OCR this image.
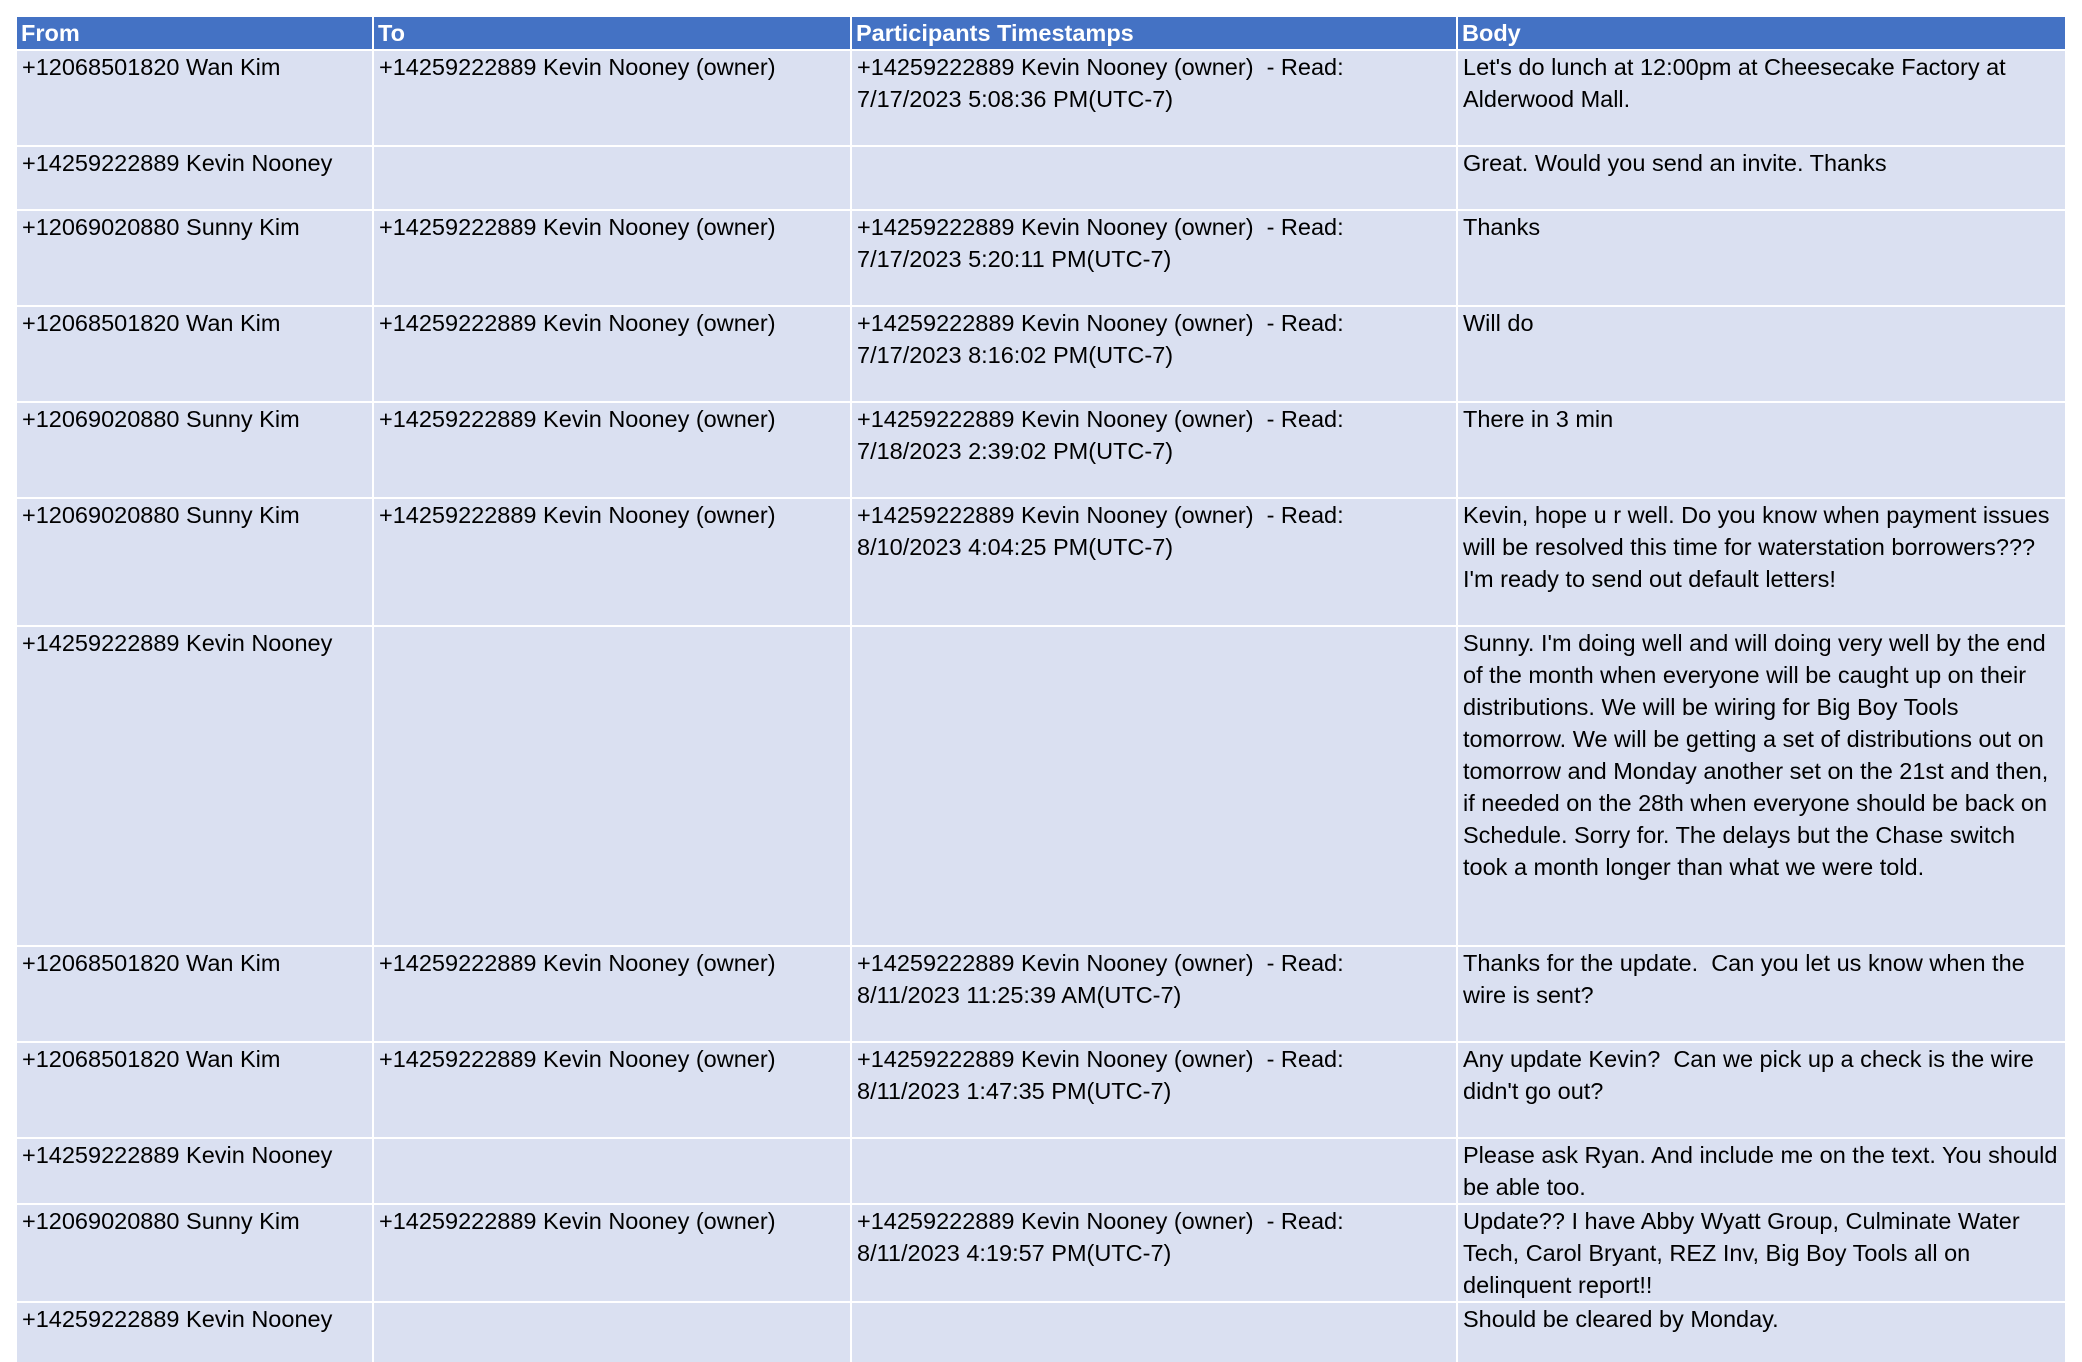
From	To	Participants Timestamps	Body
+12068501820 Wan Kim	+14259222889 Kevin Nooney (owner)	+14259222889 Kevin Nooney (owner)  - Read: 7/17/2023 5:08:36 PM(UTC-7)	Let's do lunch at 12:00pm at Cheesecake Factory at Alderwood Mall.
+14259222889 Kevin Nooney			Great. Would you send an invite. Thanks
+12069020880 Sunny Kim	+14259222889 Kevin Nooney (owner)	+14259222889 Kevin Nooney (owner)  - Read: 7/17/2023 5:20:11 PM(UTC-7)	Thanks
+12068501820 Wan Kim	+14259222889 Kevin Nooney (owner)	+14259222889 Kevin Nooney (owner)  - Read: 7/17/2023 8:16:02 PM(UTC-7)	Will do
+12069020880 Sunny Kim	+14259222889 Kevin Nooney (owner)	+14259222889 Kevin Nooney (owner)  - Read: 7/18/2023 2:39:02 PM(UTC-7)	There in 3 min
+12069020880 Sunny Kim	+14259222889 Kevin Nooney (owner)	+14259222889 Kevin Nooney (owner)  - Read: 8/10/2023 4:04:25 PM(UTC-7)	Kevin, hope u r well. Do you know when payment issues will be resolved this time for waterstation borrowers??? I'm ready to send out default letters!
+14259222889 Kevin Nooney			Sunny. I'm doing well and will doing very well by the end of the month when everyone will be caught up on their distributions. We will be wiring for Big Boy Tools tomorrow. We will be getting a set of distributions out on tomorrow and Monday another set on the 21st and then, if needed on the 28th when everyone should be back on Schedule. Sorry for. The delays but the Chase switch took a month longer than what we were told.
+12068501820 Wan Kim	+14259222889 Kevin Nooney (owner)	+14259222889 Kevin Nooney (owner)  - Read: 8/11/2023 11:25:39 AM(UTC-7)	Thanks for the update.  Can you let us know when the wire is sent?
+12068501820 Wan Kim	+14259222889 Kevin Nooney (owner)	+14259222889 Kevin Nooney (owner)  - Read: 8/11/2023 1:47:35 PM(UTC-7)	Any update Kevin?  Can we pick up a check is the wire didn't go out?
+14259222889 Kevin Nooney			Please ask Ryan. And include me on the text. You should be able too.
+12069020880 Sunny Kim	+14259222889 Kevin Nooney (owner)	+14259222889 Kevin Nooney (owner)  - Read: 8/11/2023 4:19:57 PM(UTC-7)	Update?? I have Abby Wyatt Group, Culminate Water Tech, Carol Bryant, REZ Inv, Big Boy Tools all on delinquent report!!
+14259222889 Kevin Nooney			Should be cleared by Monday.
